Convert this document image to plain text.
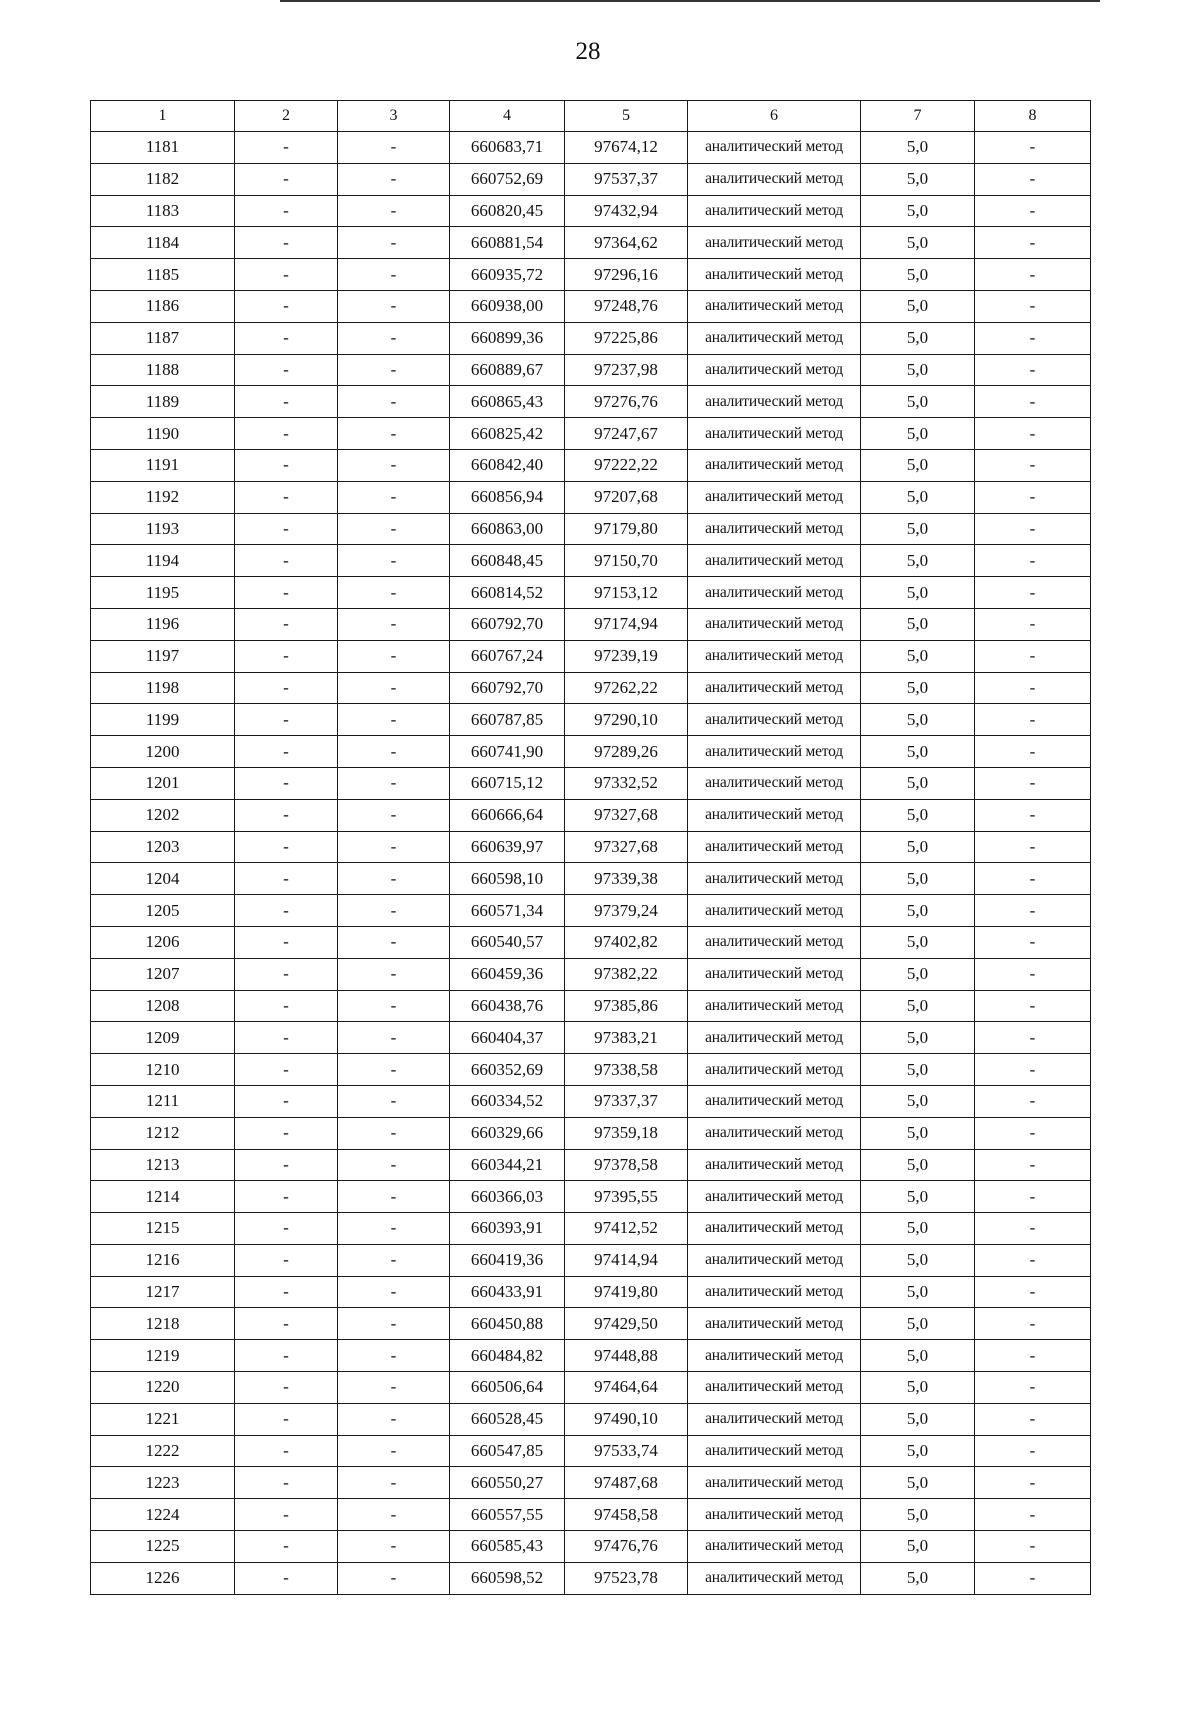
28
1	2	3	4	5	6	7	8
1181	-	-	660683,71	97674,12	аналитический метод	5,0	-
1182	-	-	660752,69	97537,37	аналитический метод	5,0	-
1183	-	-	660820,45	97432,94	аналитический метод	5,0	-
1184	-	-	660881,54	97364,62	аналитический метод	5,0	-
1185	-	-	660935,72	97296,16	аналитический метод	5,0	-
1186	-	-	660938,00	97248,76	аналитический метод	5,0	-
1187	-	-	660899,36	97225,86	аналитический метод	5,0	-
1188	-	-	660889,67	97237,98	аналитический метод	5,0	-
1189	-	-	660865,43	97276,76	аналитический метод	5,0	-
1190	-	-	660825,42	97247,67	аналитический метод	5,0	-
1191	-	-	660842,40	97222,22	аналитический метод	5,0	-
1192	-	-	660856,94	97207,68	аналитический метод	5,0	-
1193	-	-	660863,00	97179,80	аналитический метод	5,0	-
1194	-	-	660848,45	97150,70	аналитический метод	5,0	-
1195	-	-	660814,52	97153,12	аналитический метод	5,0	-
1196	-	-	660792,70	97174,94	аналитический метод	5,0	-
1197	-	-	660767,24	97239,19	аналитический метод	5,0	-
1198	-	-	660792,70	97262,22	аналитический метод	5,0	-
1199	-	-	660787,85	97290,10	аналитический метод	5,0	-
1200	-	-	660741,90	97289,26	аналитический метод	5,0	-
1201	-	-	660715,12	97332,52	аналитический метод	5,0	-
1202	-	-	660666,64	97327,68	аналитический метод	5,0	-
1203	-	-	660639,97	97327,68	аналитический метод	5,0	-
1204	-	-	660598,10	97339,38	аналитический метод	5,0	-
1205	-	-	660571,34	97379,24	аналитический метод	5,0	-
1206	-	-	660540,57	97402,82	аналитический метод	5,0	-
1207	-	-	660459,36	97382,22	аналитический метод	5,0	-
1208	-	-	660438,76	97385,86	аналитический метод	5,0	-
1209	-	-	660404,37	97383,21	аналитический метод	5,0	-
1210	-	-	660352,69	97338,58	аналитический метод	5,0	-
1211	-	-	660334,52	97337,37	аналитический метод	5,0	-
1212	-	-	660329,66	97359,18	аналитический метод	5,0	-
1213	-	-	660344,21	97378,58	аналитический метод	5,0	-
1214	-	-	660366,03	97395,55	аналитический метод	5,0	-
1215	-	-	660393,91	97412,52	аналитический метод	5,0	-
1216	-	-	660419,36	97414,94	аналитический метод	5,0	-
1217	-	-	660433,91	97419,80	аналитический метод	5,0	-
1218	-	-	660450,88	97429,50	аналитический метод	5,0	-
1219	-	-	660484,82	97448,88	аналитический метод	5,0	-
1220	-	-	660506,64	97464,64	аналитический метод	5,0	-
1221	-	-	660528,45	97490,10	аналитический метод	5,0	-
1222	-	-	660547,85	97533,74	аналитический метод	5,0	-
1223	-	-	660550,27	97487,68	аналитический метод	5,0	-
1224	-	-	660557,55	97458,58	аналитический метод	5,0	-
1225	-	-	660585,43	97476,76	аналитический метод	5,0	-
1226	-	-	660598,52	97523,78	аналитический метод	5,0	-
